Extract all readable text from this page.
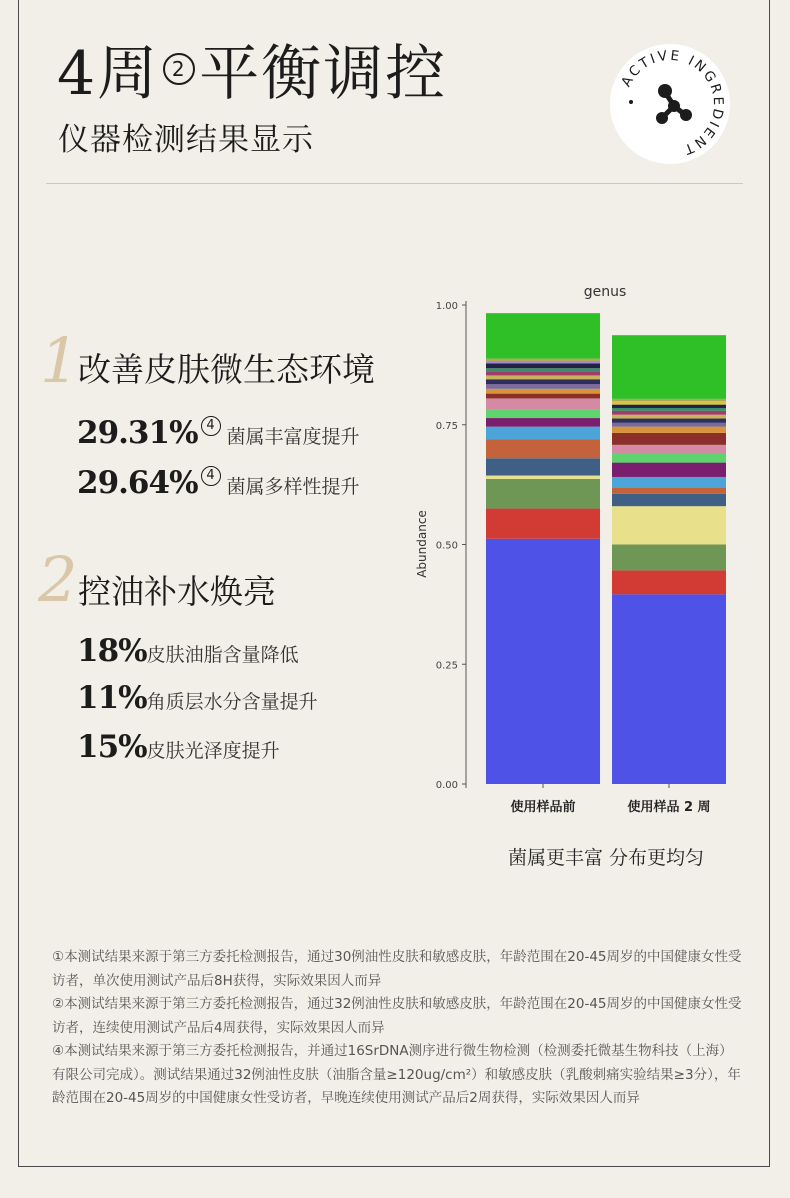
4周 2 平衡调控
仪器检测结果显示
ACTIVE INGREDIENT
1
改善皮肤微生态环境
29.31% 4
菌属丰富度提升
29.64% 4
菌属多样性提升
2 控油补水焕亮
18% 皮肤油脂含量降低
11% 角质层水分含量提升
15% 皮肤光泽度提升
genus
Abundance
0.00
0.25
0.50
0.75
1.00
使用样品前	使用样品 2 周
菌属更丰富 分布更均匀

①本测试结果来源于第三方委托检测报告，通过30例油性皮肤和敏感皮肤，年龄范围在20-45周岁的中国健康女性受访者，单次使用测试产品后8H获得，实际效果因人而异

②本测试结果来源于第三方委托检测报告，通过32例油性皮肤和敏感皮肤，年龄范围在20-45周岁的中国健康女性受访者，连续使用测试产品后4周获得，实际效果因人而异

④本测试结果来源于第三方委托检测报告，并通过16SrDNA测序进行微生物检测（检测委托微基生物科技（上海）有限公司完成）。测试结果通过32例油性皮肤（油脂含量≥120ug/cm²）和敏感皮肤（乳酸刺痛实验结果≥3分），年龄范围在20-45周岁的中国健康女性受访者，早晚连续使用测试产品后2周获得，实际效果因人而异
